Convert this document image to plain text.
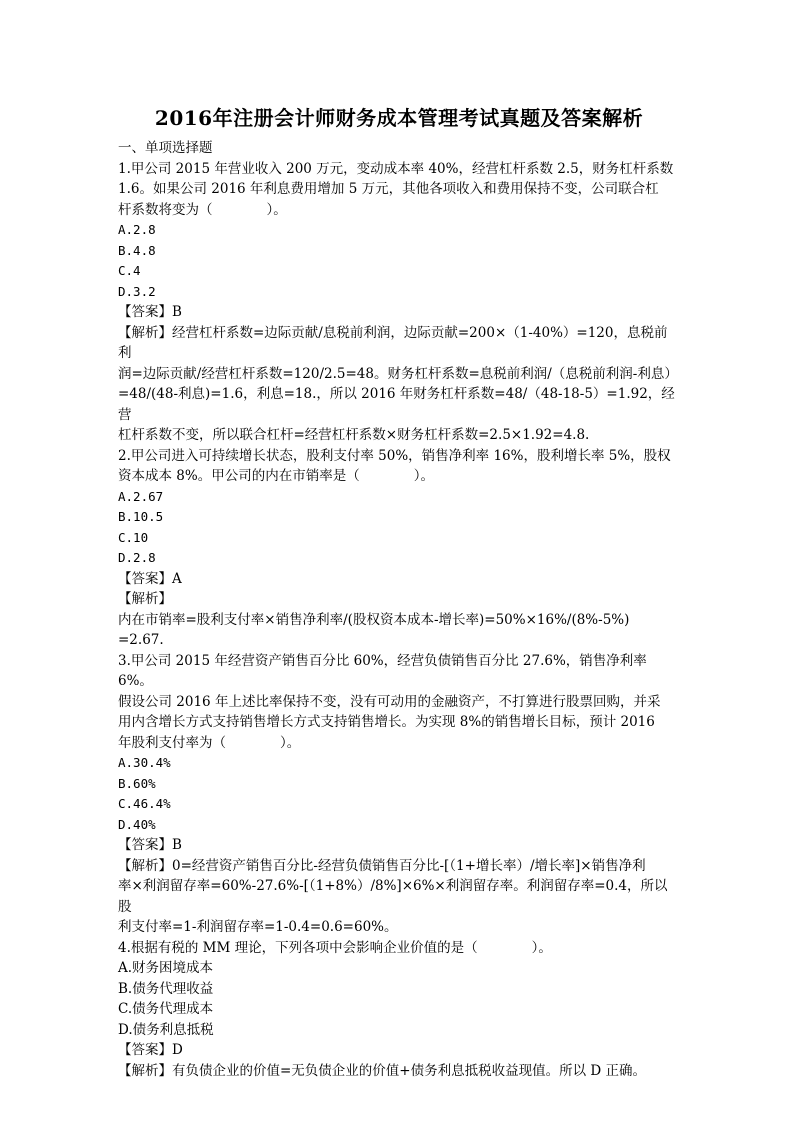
2016年注册会计师财务成本管理考试真题及答案解析

一、单项选择题

1.甲公司 2015 年营业收入 200 万元，变动成本率 40%，经营杠杆系数 2.5，财务杠杆系数

1.6。如果公司 2016 年利息费用增加 5 万元，其他各项收入和费用保持不变，公司联合杠

杆系数将变为（　　　　）。

A.2.8

B.4.8

C.4

D.3.2

【答案】B

【解析】经营杠杆系数=边际贡献/息税前利润，边际贡献=200×（1-40%）=120，息税前利

润=边际贡献/经营杠杆系数=120/2.5=48。财务杠杆系数=息税前利润/（息税前利润-利息）

=48/(48-利息)=1.6，利息=18.，所以 2016 年财务杠杆系数=48/（48-18-5）=1.92，经营

杠杆系数不变，所以联合杠杆=经营杠杆系数×财务杠杆系数=2.5×1.92=4.8.

2.甲公司进入可持续增长状态，股利支付率 50%，销售净利率 16%，股利增长率 5%，股权

资本成本 8%。甲公司的内在市销率是（　　　　）。

A.2.67

B.10.5

C.10

D.2.8

【答案】A

【解析】

内在市销率=股利支付率×销售净利率/(股权资本成本-增长率)=50%×16%/(8%-5%)

=2.67.

3.甲公司 2015 年经营资产销售百分比 60%，经营负债销售百分比 27.6%，销售净利率 6%。

假设公司 2016 年上述比率保持不变，没有可动用的金融资产，不打算进行股票回购，并采

用内含增长方式支持销售增长方式支持销售增长。为实现 8%的销售增长目标，预计 2016

年股利支付率为（　　　　）。

A.30.4%

B.60%

C.46.4%

D.40%

【答案】B

【解析】0=经营资产销售百分比-经营负债销售百分比-[（1+增长率）/增长率]×销售净利

率×利润留存率=60%-27.6%-[（1+8%）/8%]×6%×利润留存率。利润留存率=0.4，所以股

利支付率=1-利润留存率=1-0.4=0.6=60%。

4.根据有税的 MM 理论，下列各项中会影响企业价值的是（　　　　）。

A.财务困境成本

B.债务代理收益

C.债务代理成本

D.债务利息抵税

【答案】D

【解析】有负债企业的价值=无负债企业的价值+债务利息抵税收益现值。所以 D 正确。
